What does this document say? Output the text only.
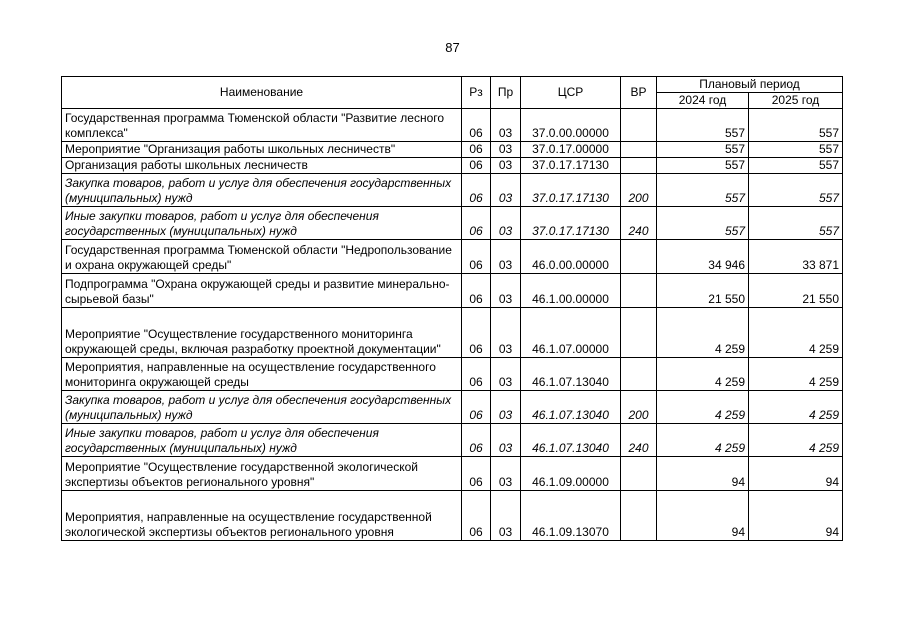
87
Наименование	Рз	Пр	ЦСР	ВР	Плановый период	
					2024 год	2025 год
Государственная программа Тюменской области "Развитие лесного комплекса"	06	03	37.0.00.00000		557	557
Мероприятие "Организация работы школьных лесничеств"	06	03	37.0.17.00000		557	557
Организация работы школьных лесничеств	06	03	37.0.17.17130		557	557
Закупка товаров, работ и услуг для обеспечения государственных (муниципальных) нужд	06	03	37.0.17.17130	200	557	557
Иные закупки товаров, работ и услуг для обеспечения государственных (муниципальных) нужд	06	03	37.0.17.17130	240	557	557
Государственная программа Тюменской области "Недропользование и охрана окружающей среды"	06	03	46.0.00.00000		34 946	33 871
Подпрограмма "Охрана окружающей среды и развитие минерально-сырьевой базы"	06	03	46.1.00.00000		21 550	21 550
Мероприятие "Осуществление государственного мониторинга окружающей среды, включая разработку проектной документации"	06	03	46.1.07.00000		4 259	4 259
Мероприятия, направленные на осуществление государственного мониторинга окружающей среды	06	03	46.1.07.13040		4 259	4 259
Закупка товаров, работ и услуг для обеспечения государственных (муниципальных) нужд	06	03	46.1.07.13040	200	4 259	4 259
Иные закупки товаров, работ и услуг для обеспечения государственных (муниципальных) нужд	06	03	46.1.07.13040	240	4 259	4 259
Мероприятие "Осуществление государственной экологической экспертизы объектов регионального уровня"	06	03	46.1.09.00000		94	94
Мероприятия, направленные на осуществление государственной экологической экспертизы объектов регионального уровня	06	03	46.1.09.13070		94	94
